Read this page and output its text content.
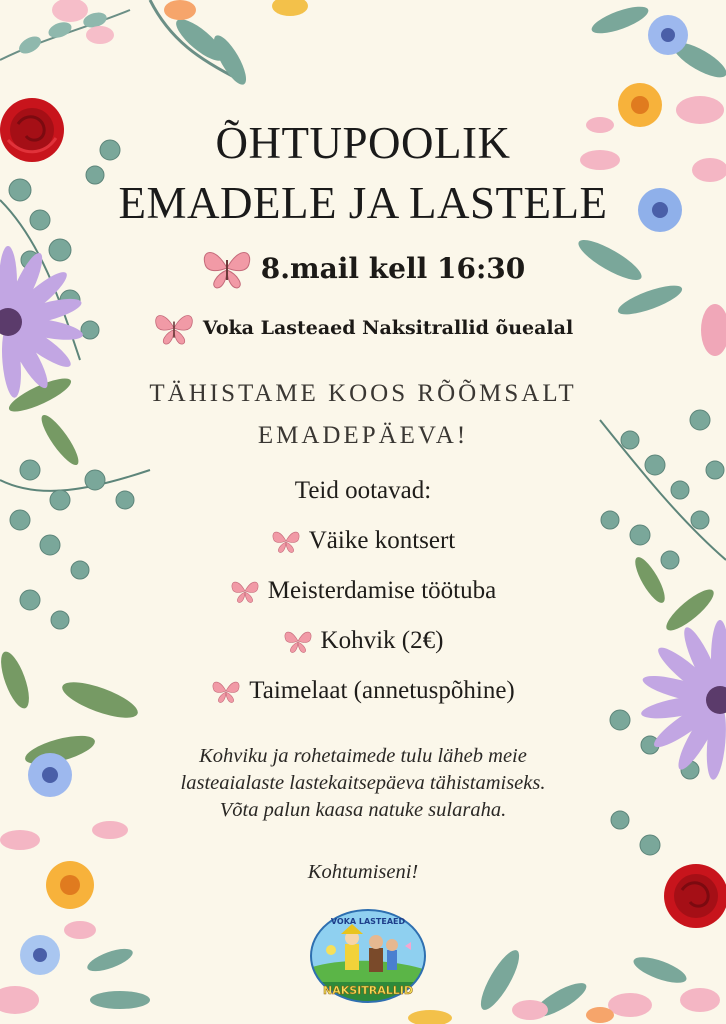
ÕHTUPOOLIK
EMADELE JA LASTELE
8.mail kell 16:30
Voka Lasteaed Naksitrallid õuealal
TÄHISTAME KOOS RÕÕMSALT
EMADEPÄEVA!
Teid ootavad:
Väike kontsert
Meisterdamise töötuba
Kohvik (2€)
Taimelaat (annetuspõhine)
Kohviku ja rohetaimede tulu läheb meie
lasteaialaste lastekaitsepäeva tähistamiseks.
Võta palun kaasa natuke sularaha.
Kohtumiseni!
VOKA LASTEAED
NAKSITRALLID
